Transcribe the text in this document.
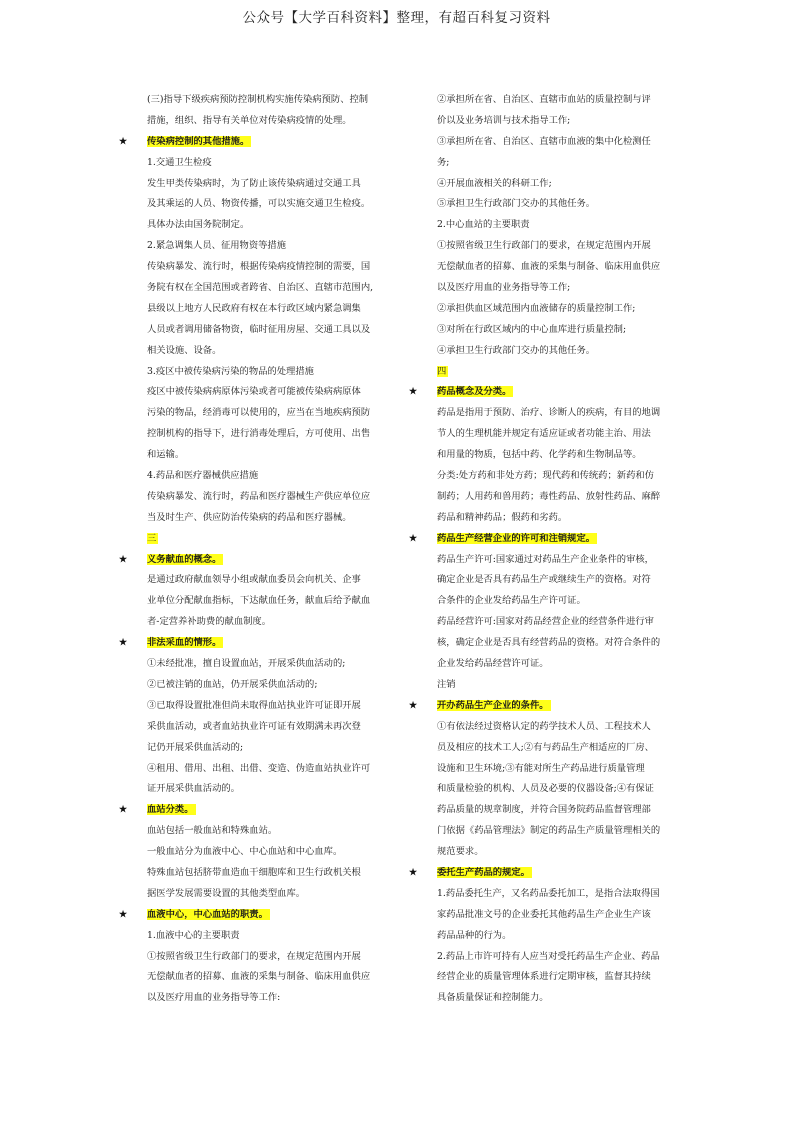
公众号【大学百科资料】整理，有超百科复习资料
(三)指导下级疾病预防控制机构实施传染病预防、控制
措施，组织、指导有关单位对传染病疫情的处理。
★ 传染病控制的其他措施。
1.交通卫生检疫
发生甲类传染病时，为了防止该传染病通过交通工具
及其乘运的人员、物资传播，可以实施交通卫生检疫。
具体办法由国务院制定。
2.紧急调集人员、征用物资等措施
传染病暴发、流行时，根据传染病疫情控制的需要，国
务院有权在全国范围或者跨省、自治区、直辖市范围内,
县级以上地方人民政府有权在本行政区域内紧急调集
人员或者调用储备物资，临时征用房屋、交通工具以及
相关设施、设备。
3.疫区中被传染病污染的物品的处理措施
疫区中被传染病病原体污染或者可能被传染病病原体
污染的物品，经消毒可以使用的，应当在当地疾病预防
控制机构的指导下，进行消毒处理后，方可使用、出售
和运输。
4.药品和医疗器械供应措施
传染病暴发、流行时，药品和医疗器械生产供应单位应
当及时生产、供应防治传染病的药品和医疗器械。
三
★ 义务献血的概念。
是通过政府献血领导小组或献血委员会向机关、企事
业单位分配献血指标，下达献血任务，献血后给予献血
者-定营养补助费的献血制度。
★ 非法采血的情形。
①未经批准，擅自设置血站，开展采供血活动的;
②已被注销的血站，仍开展采供血活动的;
③已取得设置批准但尚未取得血站执业许可证即开展
采供血活动，或者血站执业许可证有效期满未再次登
记仍开展采供血活动的;
④租用、借用、出租、出借、变造、伪造血站执业许可
证开展采供血活动的。
★ 血站分类。
血站包括一般血站和特殊血站。
一般血站分为血液中心、中心血站和中心血库。
特殊血站包括脐带血造血干细胞库和卫生行政机关根
据医学发展需要设置的其他类型血库。
★ 血液中心，中心血站的职责。
1.血液中心的主要职责
①按照省级卫生行政部门的要求，在规定范围内开展
无偿献血者的招募、血液的采集与制备、临床用血供应
以及医疗用血的业务指导等工作:
②承担所在省、自治区、直辖市血站的质量控制与评
价以及业务培训与技术指导工作;
③承担所在省、自治区、直辖市血液的集中化检测任
务;
④开展血液相关的科研工作;
⑤承担卫生行政部门交办的其他任务。
2.中心血站的主要职责
①按照省级卫生行政部门的要求，在规定范围内开展
无偿献血者的招募、血液的采集与制备、临床用血供应
以及医疗用血的业务指导等工作;
②承担供血区域范围内血液储存的质量控制工作;
③对所在行政区域内的中心血库进行质量控制;
④承担卫生行政部门交办的其他任务。
四
★ 药品概念及分类。
药品是指用于预防、治疗、诊断人的疾病，有目的地调
节人的生理机能并规定有适应证或者功能主治、用法
和用量的物质，包括中药、化学药和生物制品等。
分类:处方药和非处方药；现代药和传统药；新药和仿
制药；人用药和兽用药；毒性药品、放射性药品、麻醉
药品和精神药品；假药和劣药。
★ 药品生产经营企业的许可和注销规定。
药品生产许可:国家通过对药品生产企业条件的审核，
确定企业是否具有药品生产或继续生产的资格。对符
合条件的企业发给药品生产许可证。
药品经营许可:国家对药品经营企业的经营条件进行审
核，确定企业是否具有经营药品的资格。对符合条件的
企业发给药品经营许可证。
注销
★ 开办药品生产企业的条件。
①有依法经过资格认定的药学技术人员、工程技术人
员及相应的技术工人;②有与药品生产相适应的厂房、
设施和卫生环境;③有能对所生产药品进行质量管理
和质量检验的机构、人员及必要的仪器设备;④有保证
药品质量的规章制度，并符合国务院药品监督管理部
门依据《药品管理法》制定的药品生产质量管理相关的
规范要求。
★ 委托生产药品的规定。
1.药品委托生产，又名药品委托加工，是指合法取得国
家药品批准文号的企业委托其他药品生产企业生产该
药品品种的行为。
2.药品上市许可持有人应当对受托药品生产企业、药品
经营企业的质量管理体系进行定期审核，监督其持续
具备质量保证和控制能力。
